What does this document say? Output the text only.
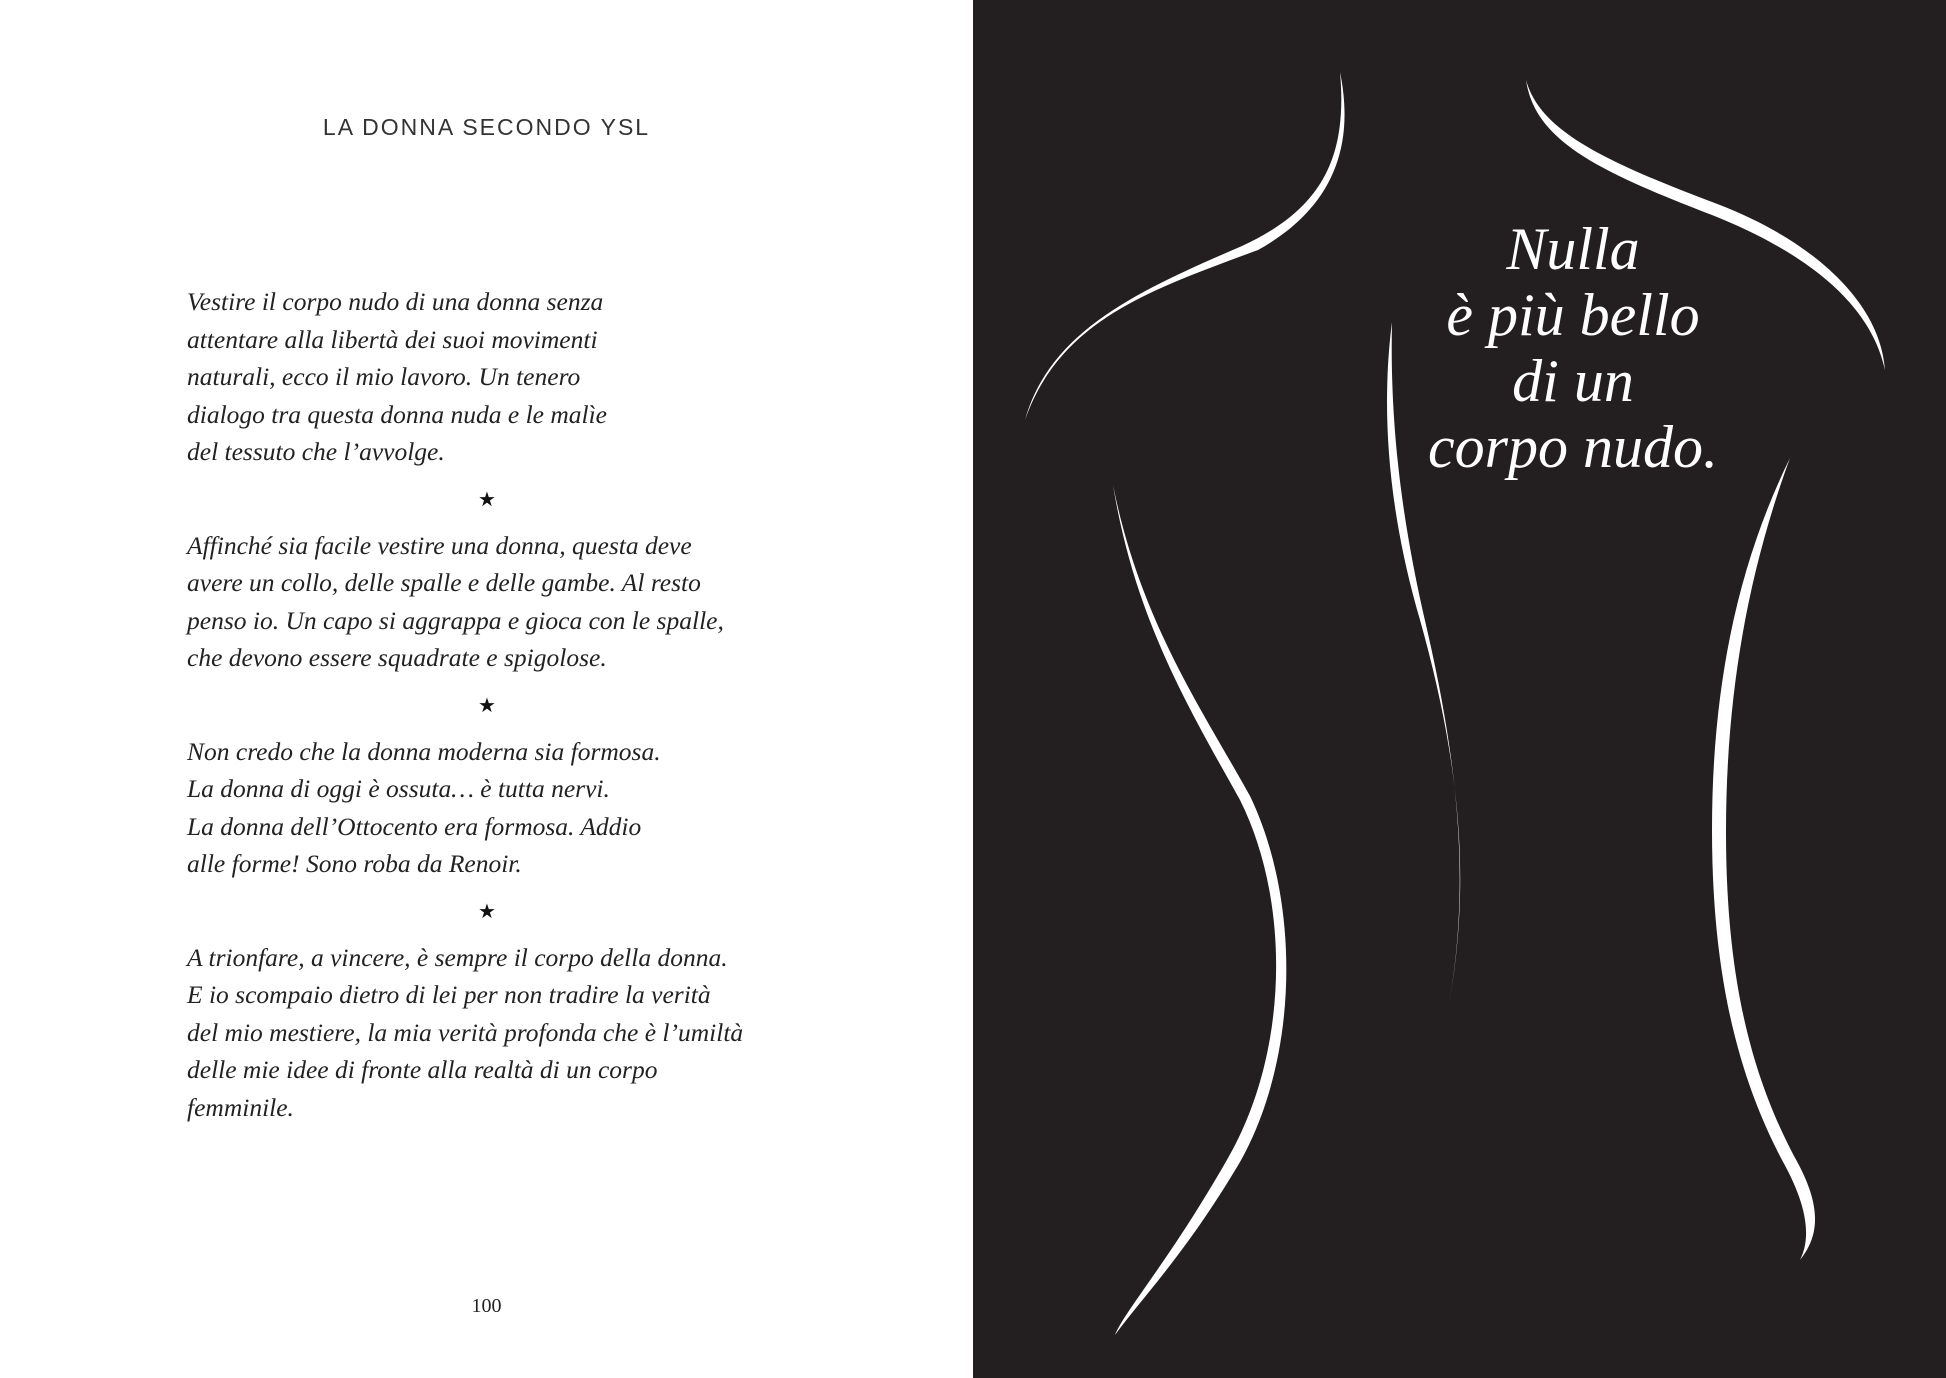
LA DONNA SECONDO YSL

Vestire il corpo nudo di una donna senza
attentare alla libertà dei suoi movimenti
naturali, ecco il mio lavoro. Un tenero
dialogo tra questa donna nuda e le malìe
del tessuto che l’avvolge.

★

Affinché sia facile vestire una donna, questa deve
avere un collo, delle spalle e delle gambe. Al resto
penso io. Un capo si aggrappa e gioca con le spalle,
che devono essere squadrate e spigolose.

★

Non credo che la donna moderna sia formosa.
La donna di oggi è ossuta… è tutta nervi.
La donna dell’Ottocento era formosa. Addio
alle forme! Sono roba da Renoir.

★

A trionfare, a vincere, è sempre il corpo della donna.
E io scompaio dietro di lei per non tradire la verità
del mio mestiere, la mia verità profonda che è l’umiltà
delle mie idee di fronte alla realtà di un corpo
femminile.

100
Nulla
è più bello
di un
corpo nudo.
